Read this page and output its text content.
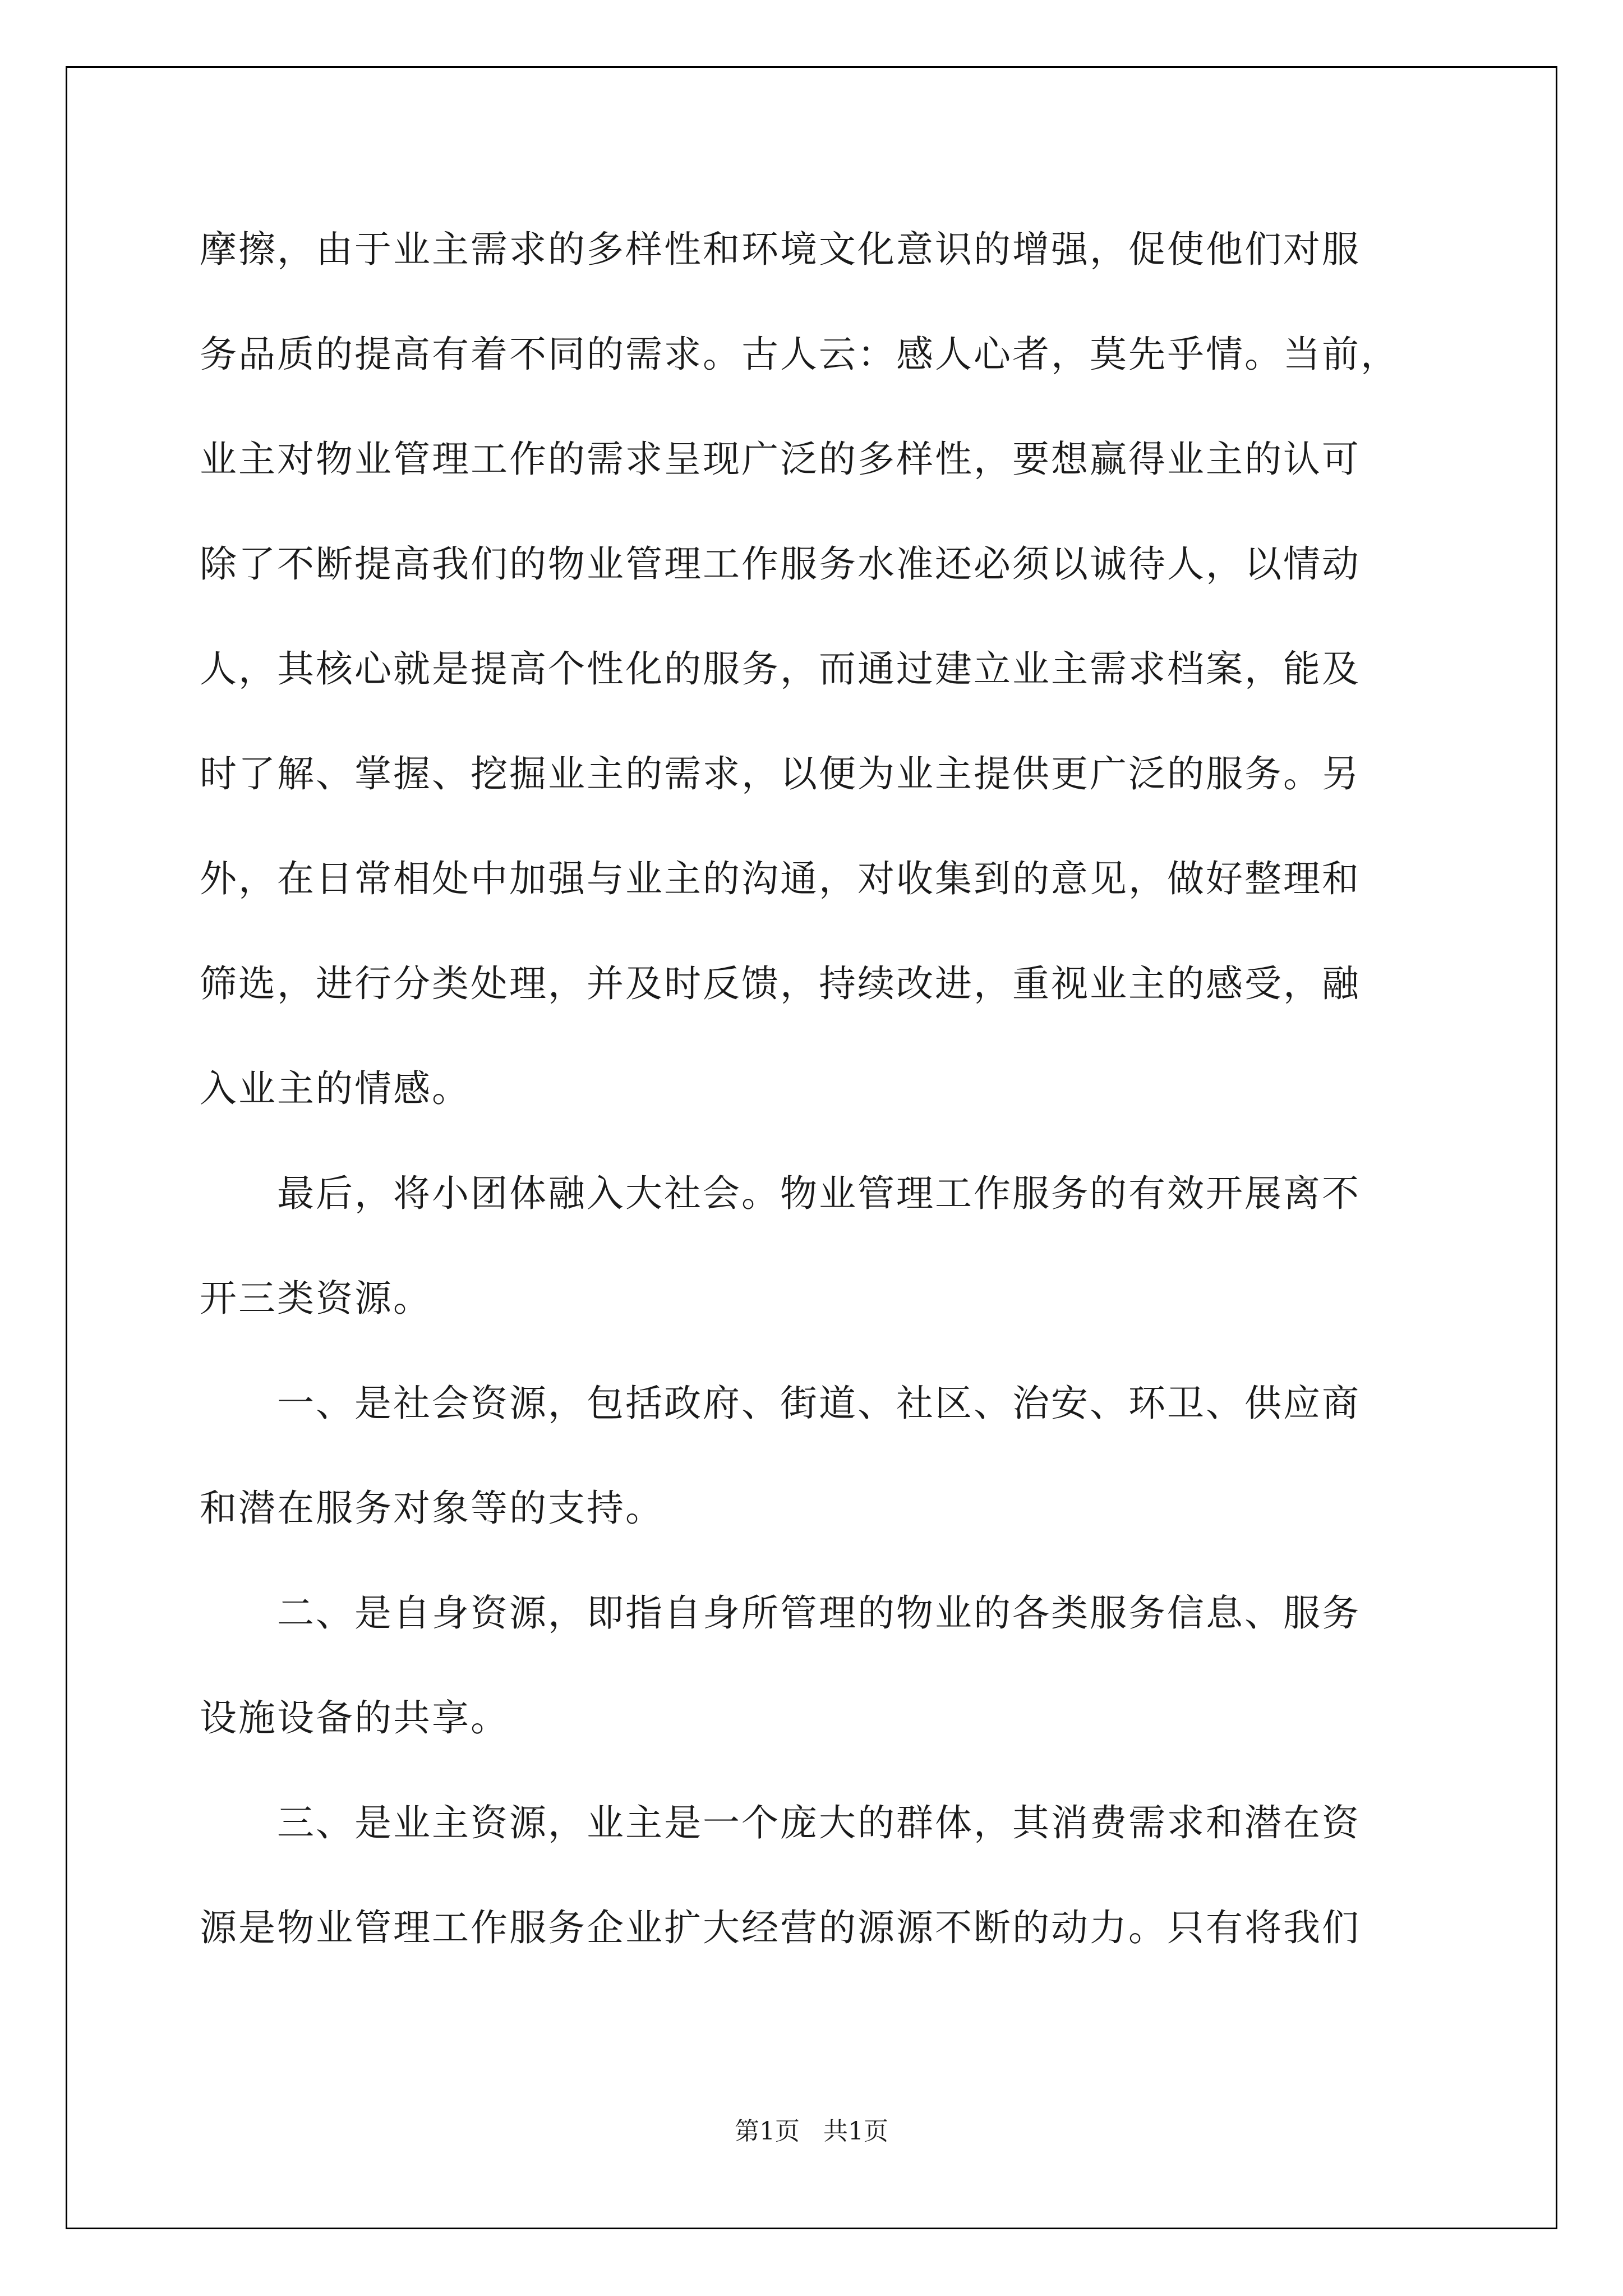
摩擦，由于业主需求的多样性和环境文化意识的增强，促使他们对服
务品质的提高有着不同的需求。古人云：感人心者，莫先乎情。当前，
业主对物业管理工作的需求呈现广泛的多样性，要想赢得业主的认可
除了不断提高我们的物业管理工作服务水准还必须以诚待人，以情动
人，其核心就是提高个性化的服务，而通过建立业主需求档案，能及
时了解、掌握、挖掘业主的需求，以便为业主提供更广泛的服务。另
外，在日常相处中加强与业主的沟通，对收集到的意见，做好整理和
筛选，进行分类处理，并及时反馈，持续改进，重视业主的感受，融
入业主的情感。
　　最后，将小团体融入大社会。物业管理工作服务的有效开展离不
开三类资源。
　　一、是社会资源，包括政府、街道、社区、治安、环卫、供应商
和潜在服务对象等的支持。
　　二、是自身资源，即指自身所管理的物业的各类服务信息、服务
设施设备的共享。
　　三、是业主资源，业主是一个庞大的群体，其消费需求和潜在资
源是物业管理工作服务企业扩大经营的源源不断的动力。只有将我们
第1页   共1页
